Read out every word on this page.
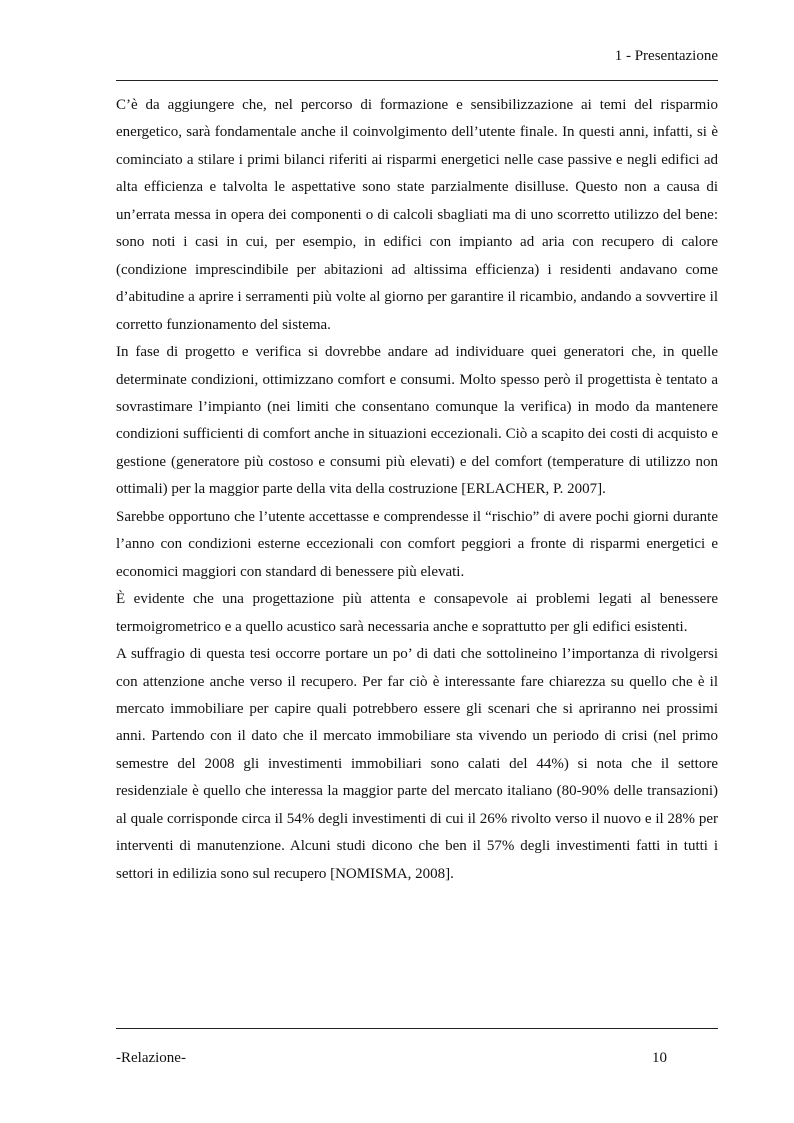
1 - Presentazione

C’è da aggiungere che, nel percorso di formazione e sensibilizzazione ai temi del risparmio energetico, sarà fondamentale anche il coinvolgimento dell’utente finale. In questi anni, infatti, si è cominciato a stilare i primi bilanci riferiti ai risparmi energetici nelle case passive e negli edifici ad alta efficienza e talvolta le aspettative sono state parzialmente disilluse. Questo non a causa di un’errata messa in opera dei componenti o di calcoli sbagliati ma di uno scorretto utilizzo del bene: sono noti i casi in cui, per esempio, in edifici con impianto ad aria con recupero di calore (condizione imprescindibile per abitazioni ad altissima efficienza) i residenti andavano come d’abitudine a aprire i serramenti più volte al giorno per garantire il ricambio, andando a sovvertire il corretto funzionamento del sistema.

In fase di progetto e verifica si dovrebbe andare ad individuare quei generatori che, in quelle determinate condizioni, ottimizzano comfort e consumi. Molto spesso però il progettista è tentato a sovrastimare l’impianto (nei limiti che consentano comunque la verifica) in modo da mantenere condizioni sufficienti di comfort anche in situazioni eccezionali. Ciò a scapito dei costi di acquisto e gestione (generatore più costoso e consumi più elevati) e del comfort (temperature di utilizzo non ottimali) per la maggior parte della vita della costruzione [ERLACHER, P. 2007].

Sarebbe opportuno che l’utente accettasse e comprendesse il “rischio” di avere pochi giorni durante l’anno con condizioni esterne eccezionali con comfort peggiori a fronte di risparmi energetici e economici maggiori con standard di benessere più elevati.

È evidente che una progettazione più attenta e consapevole ai problemi legati al benessere termoigrometrico e a quello acustico sarà necessaria anche e soprattutto per gli edifici esistenti.

A suffragio di questa tesi occorre portare un po’ di dati che sottolineino l’importanza di rivolgersi con attenzione anche verso il recupero. Per far ciò è interessante fare chiarezza su quello che è il mercato immobiliare per capire quali potrebbero essere gli scenari che si apriranno nei prossimi anni. Partendo con il dato che il mercato immobiliare sta vivendo un periodo di crisi (nel primo semestre del 2008 gli investimenti immobiliari sono calati del 44%) si nota che il settore residenziale è quello che interessa la maggior parte del mercato italiano (80-90% delle transazioni) al quale corrisponde circa il 54% degli investimenti di cui il 26% rivolto verso il nuovo e il 28% per interventi di manutenzione. Alcuni studi dicono che ben il 57% degli investimenti fatti in tutti i settori in edilizia sono sul recupero [NOMISMA, 2008].

-Relazione-	10
